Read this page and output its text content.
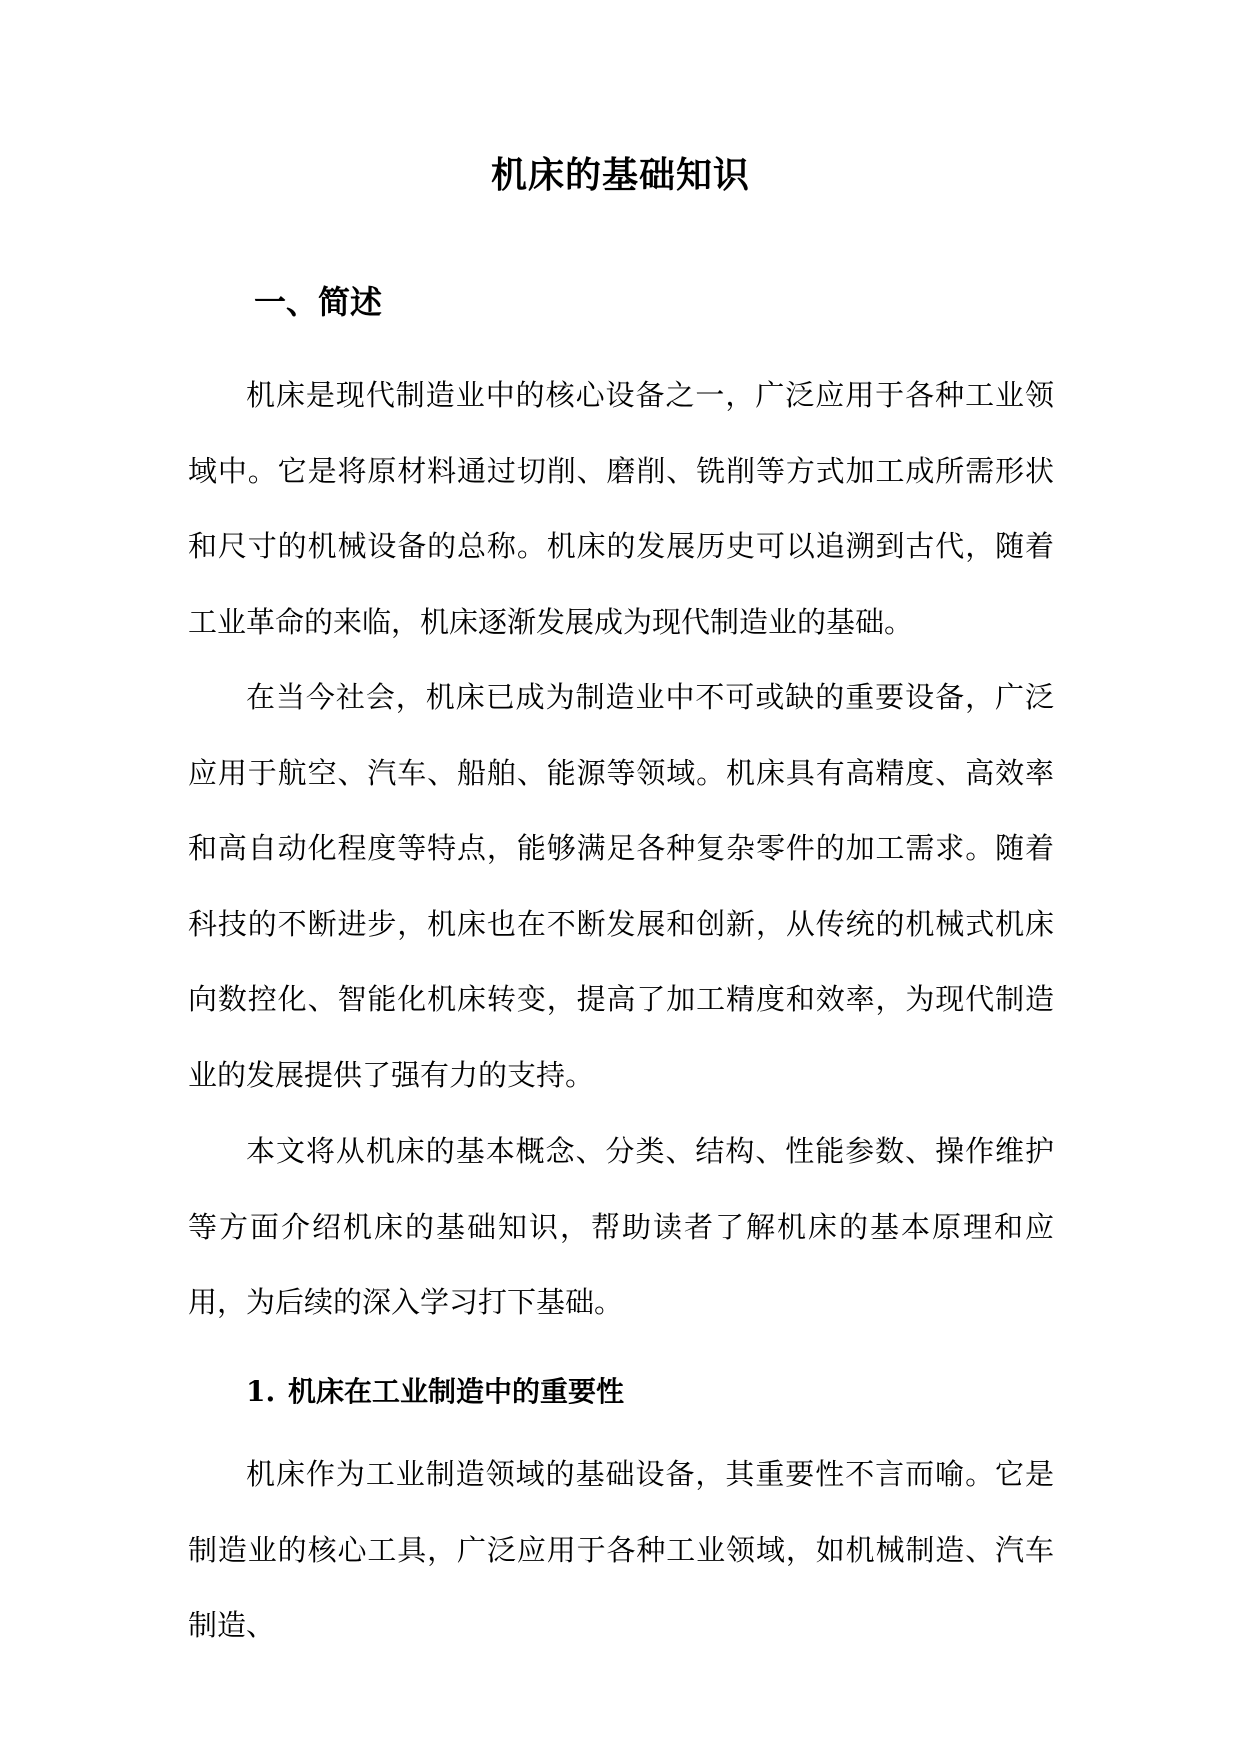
机床的基础知识
一、简述

机床是现代制造业中的核心设备之一，广泛应用于各种工业领域中。它是将原材料通过切削、磨削、铣削等方式加工成所需形状和尺寸的机械设备的总称。机床的发展历史可以追溯到古代，随着工业革命的来临，机床逐渐发展成为现代制造业的基础。

在当今社会，机床已成为制造业中不可或缺的重要设备，广泛应用于航空、汽车、船舶、能源等领域。机床具有高精度、高效率和高自动化程度等特点，能够满足各种复杂零件的加工需求。随着科技的不断进步，机床也在不断发展和创新，从传统的机械式机床向数控化、智能化机床转变，提高了加工精度和效率，为现代制造业的发展提供了强有力的支持。

本文将从机床的基本概念、分类、结构、性能参数、操作维护等方面介绍机床的基础知识，帮助读者了解机床的基本原理和应用，为后续的深入学习打下基础。

1. 机床在工业制造中的重要性

机床作为工业制造领域的基础设备，其重要性不言而喻。它是制造业的核心工具，广泛应用于各种工业领域，如机械制造、汽车制造、
